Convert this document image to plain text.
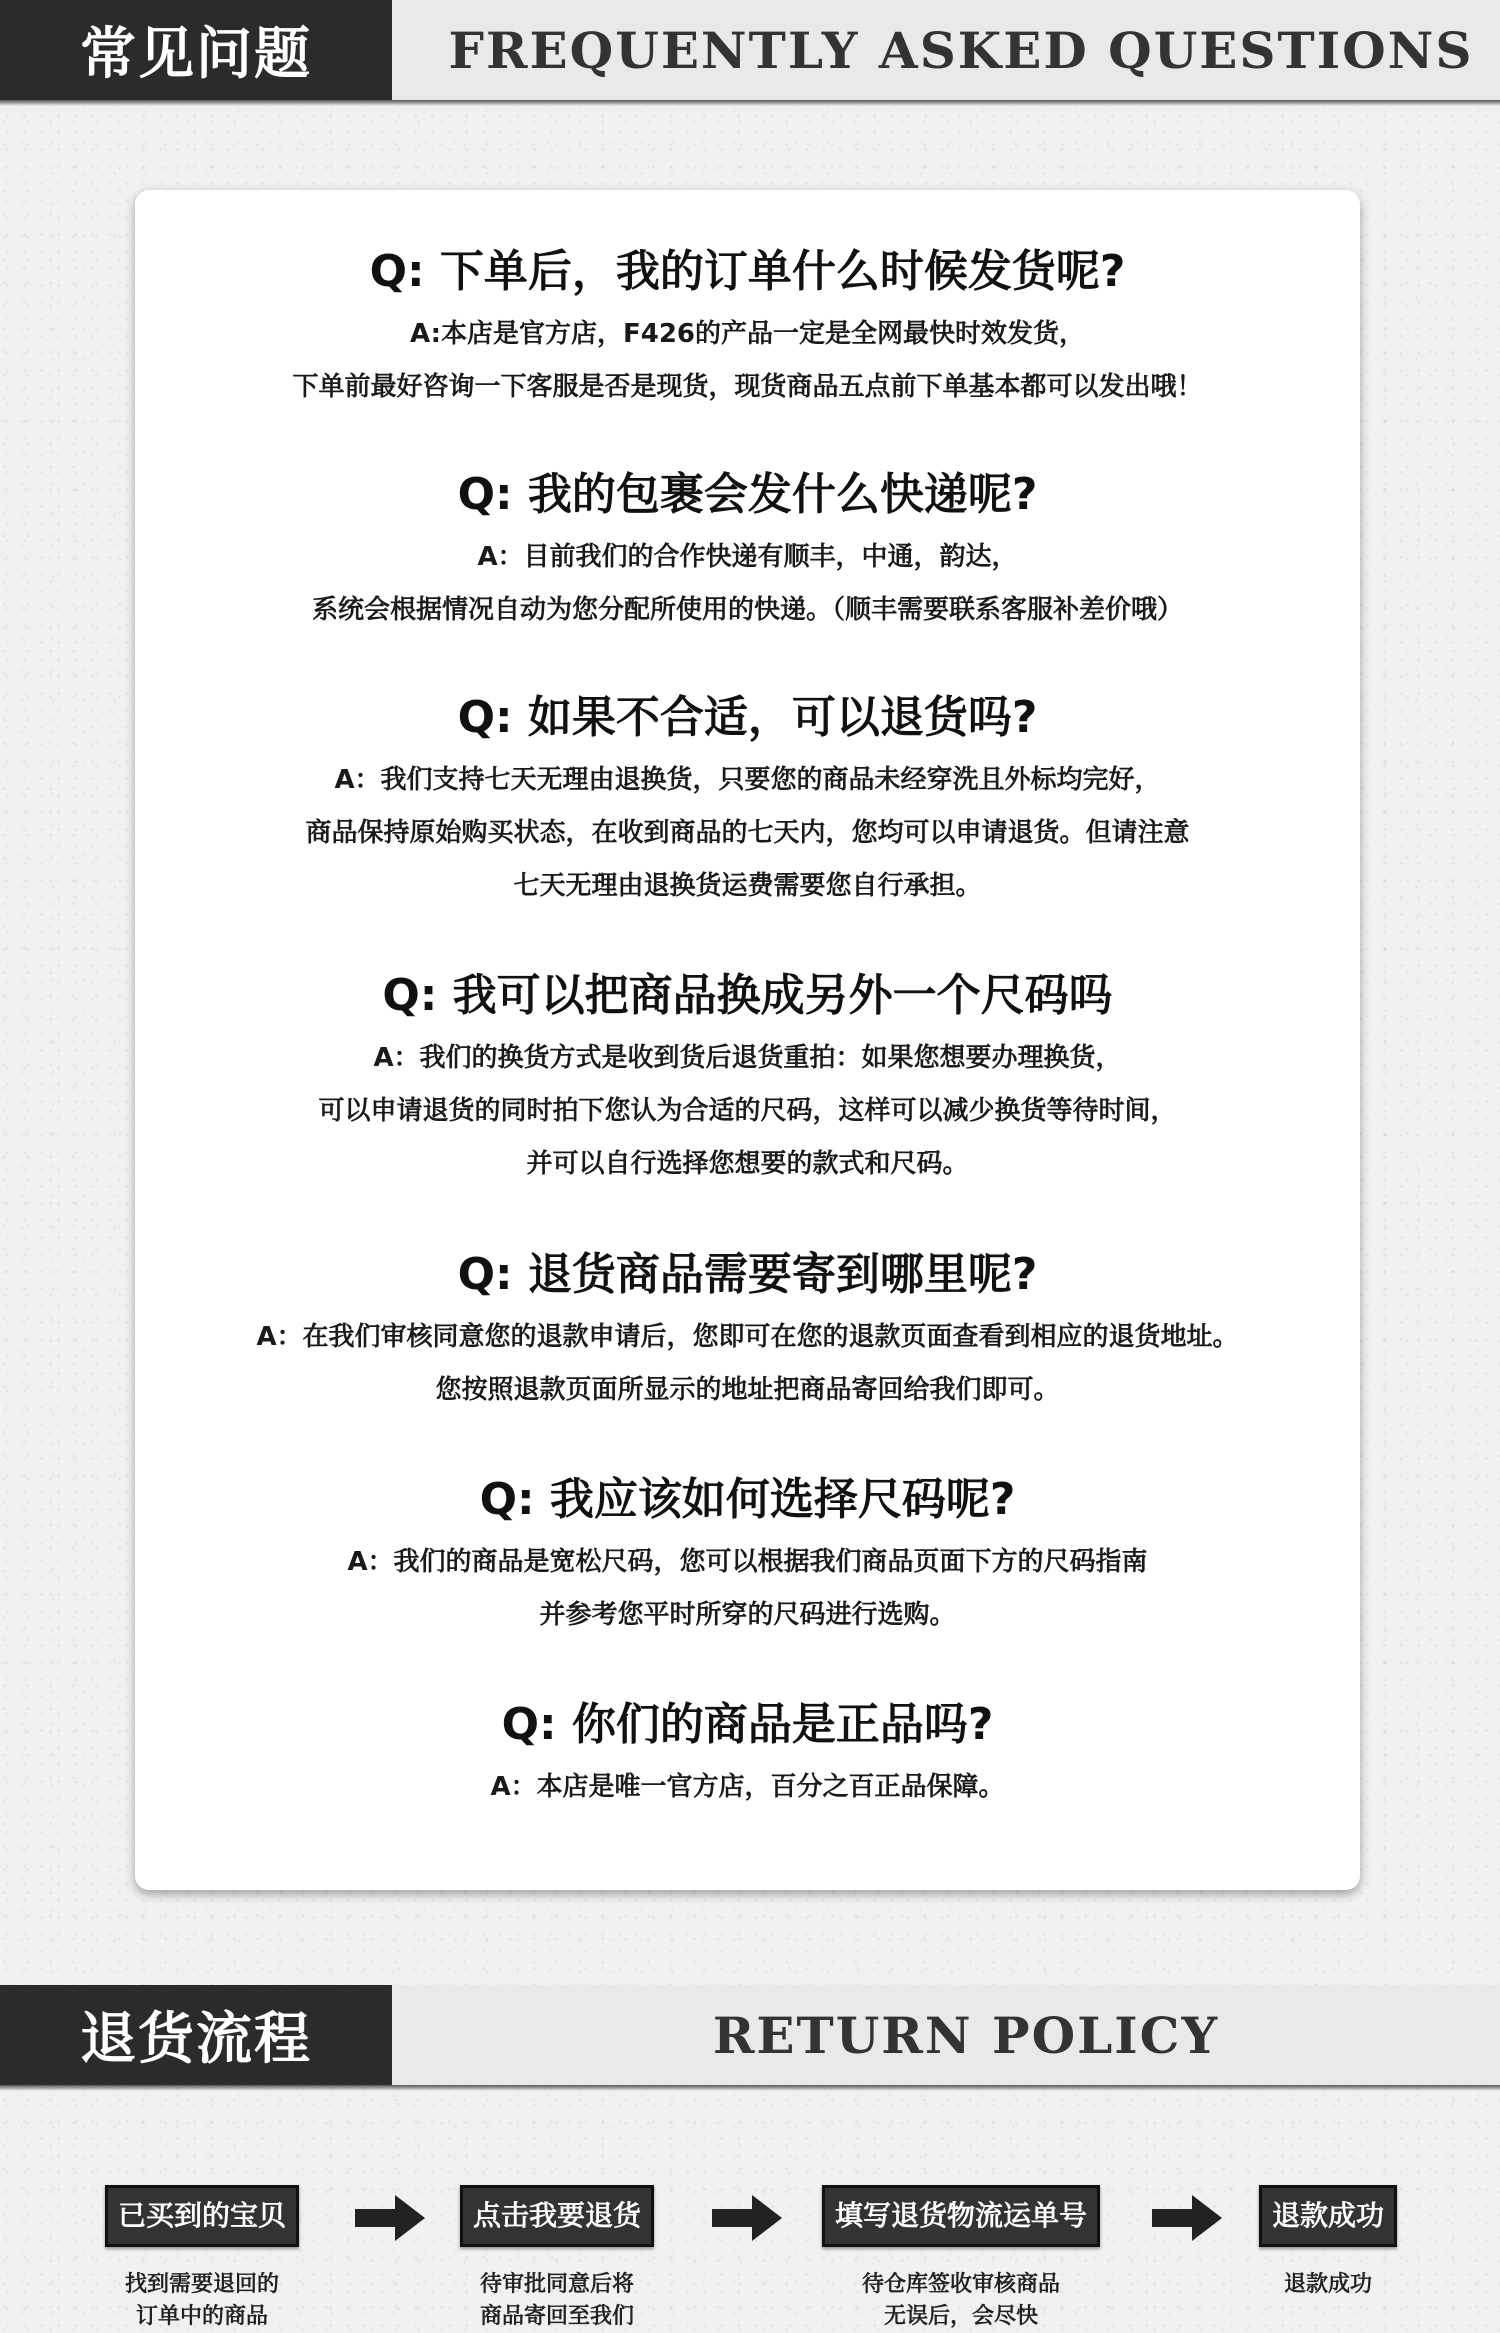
常见问题	FREQUENTLY ASKED QUESTIONS
Q: 下单后，我的订单什么时候发货呢?
A:本店是官方店，F426的产品一定是全网最快时效发货，
下单前最好咨询一下客服是否是现货，现货商品五点前下单基本都可以发出哦！
Q: 我的包裹会发什么快递呢?
A：目前我们的合作快递有顺丰，中通，韵达，
系统会根据情况自动为您分配所使用的快递。（顺丰需要联系客服补差价哦）
Q: 如果不合适，可以退货吗?
A：我们支持七天无理由退换货，只要您的商品未经穿洗且外标均完好，
商品保持原始购买状态，在收到商品的七天内，您均可以申请退货。但请注意
七天无理由退换货运费需要您自行承担。
Q: 我可以把商品换成另外一个尺码吗
A：我们的换货方式是收到货后退货重拍：如果您想要办理换货，
可以申请退货的同时拍下您认为合适的尺码，这样可以减少换货等待时间，
并可以自行选择您想要的款式和尺码。
Q: 退货商品需要寄到哪里呢?
A：在我们审核同意您的退款申请后，您即可在您的退款页面查看到相应的退货地址。
您按照退款页面所显示的地址把商品寄回给我们即可。
Q: 我应该如何选择尺码呢?
A：我们的商品是宽松尺码，您可以根据我们商品页面下方的尺码指南
并参考您平时所穿的尺码进行选购。
Q: 你们的商品是正品吗?
A：本店是唯一官方店，百分之百正品保障。
退货流程	RETURN POLICY
已买到的宝贝
找到需要退回的
订单中的商品
点击我要退货
待审批同意后将
商品寄回至我们
填写退货物流运单号
待仓库签收审核商品
无误后，会尽快
退款成功
退款成功
